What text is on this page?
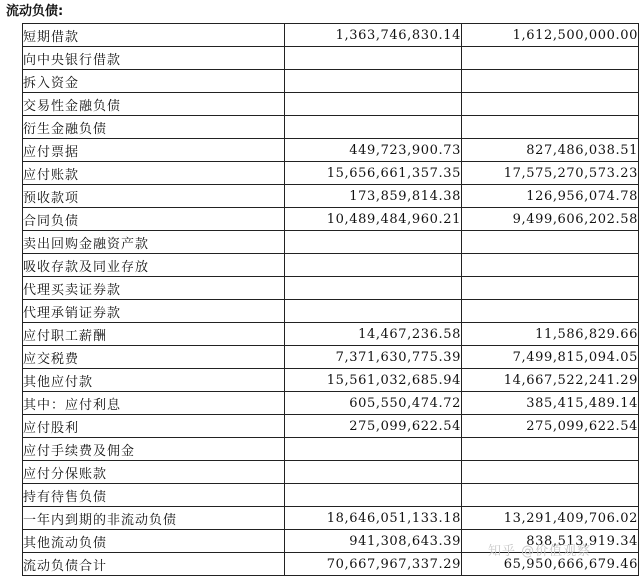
流动负债:
短期借款	1,363,746,830.14	1,612,500,000.00
向中央银行借款		
拆入资金		
交易性金融负债		
衍生金融负债		
应付票据	449,723,900.73	827,486,038.51
应付账款	15,656,661,357.35	17,575,270,573.23
预收款项	173,859,814.38	126,956,074.78
合同负债	10,489,484,960.21	9,499,606,202.58
卖出回购金融资产款		
吸收存款及同业存放		
代理买卖证券款		
代理承销证券款		
应付职工薪酬	14,467,236.58	11,586,829.66
应交税费	7,371,630,775.39	7,499,815,094.05
其他应付款	15,561,032,685.94	14,667,522,241.29
其中：应付利息	605,550,474.72	385,415,489.14
应付股利	275,099,622.54	275,099,622.54
应付手续费及佣金		
应付分保账款		
持有待售负债		
一年内到期的非流动负债	18,646,051,133.18	13,291,409,706.02
其他流动负债	941,308,643.39	838,513,919.34
流动负债合计	70,667,967,337.29	65,950,666,679.46
知乎 @价值观察
